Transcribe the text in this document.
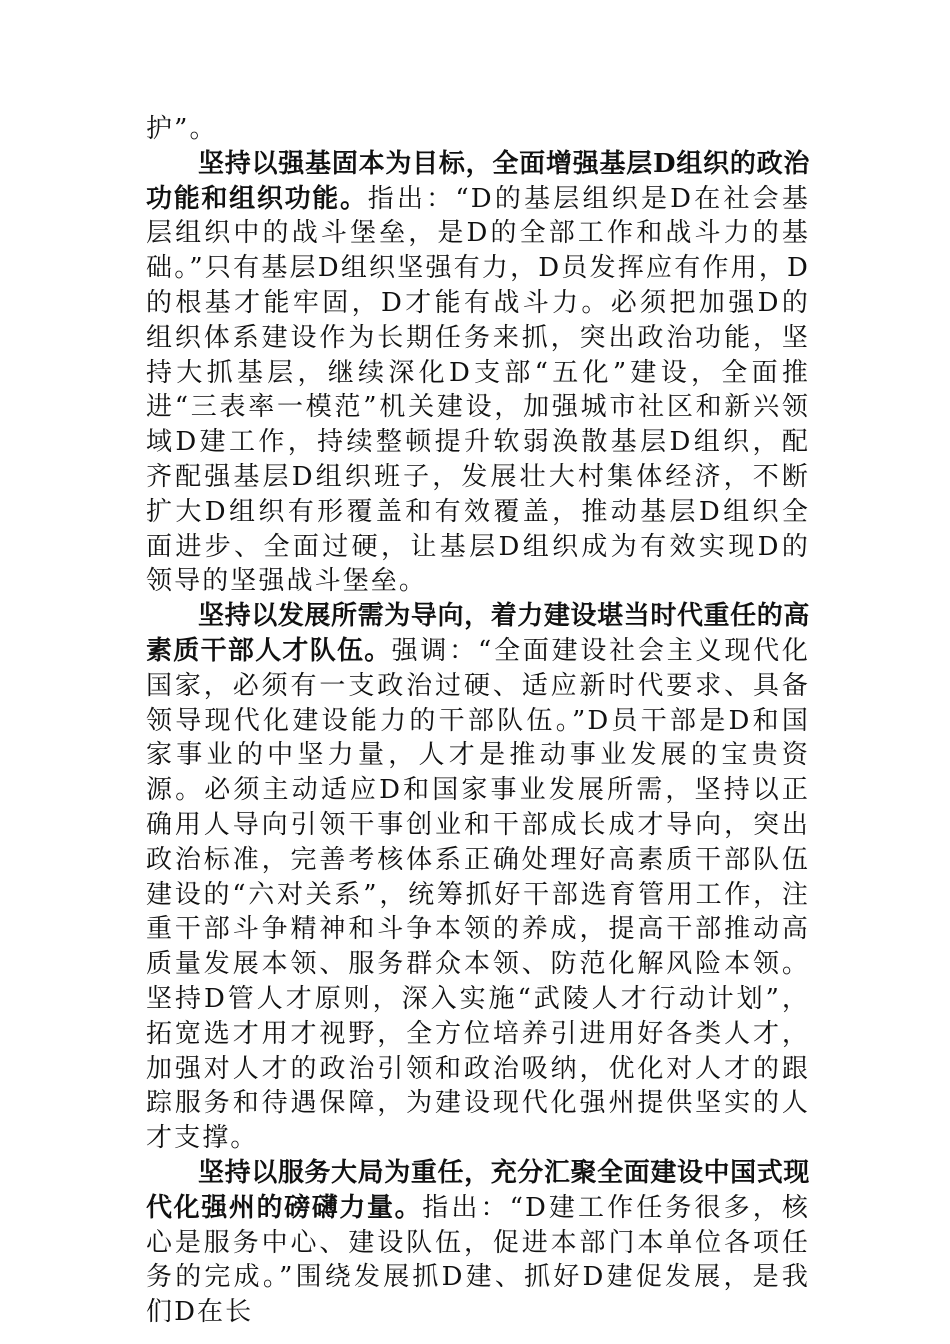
护”。

坚持以强基固本为目标，全面增强基层D组织的政治功能和组织功能。指出：“D的基层组织是D在社会基层组织中的战斗堡垒，是D的全部工作和战斗力的基础。”只有基层D组织坚强有力，D员发挥应有作用，D的根基才能牢固，D才能有战斗力。必须把加强D的组织体系建设作为长期任务来抓，突出政治功能，坚持大抓基层，继续深化D支部“五化”建设，全面推进“三表率一模范”机关建设，加强城市社区和新兴领域D建工作，持续整顿提升软弱涣散基层D组织，配齐配强基层D组织班子，发展壮大村集体经济，不断扩大D组织有形覆盖和有效覆盖，推动基层D组织全面进步、全面过硬，让基层D组织成为有效实现D的领导的坚强战斗堡垒。

坚持以发展所需为导向，着力建设堪当时代重任的高素质干部人才队伍。强调：“全面建设社会主义现代化国家，必须有一支政治过硬、适应新时代要求、具备领导现代化建设能力的干部队伍。”D员干部是D和国家事业的中坚力量，人才是推动事业发展的宝贵资源。必须主动适应D和国家事业发展所需，坚持以正确用人导向引领干事创业和干部成长成才导向，突出政治标准，完善考核体系正确处理好高素质干部队伍建设的“六对关系”，统筹抓好干部选育管用工作，注重干部斗争精神和斗争本领的养成，提高干部推动高质量发展本领、服务群众本领、防范化解风险本领。坚持D管人才原则，深入实施“武陵人才行动计划”，拓宽选才用才视野，全方位培养引进用好各类人才，加强对人才的政治引领和政治吸纳，优化对人才的跟踪服务和待遇保障，为建设现代化强州提供坚实的人才支撑。

坚持以服务大局为重任，充分汇聚全面建设中国式现代化强州的磅礴力量。指出：“D建工作任务很多，核心是服务中心、建设队伍，促进本部门本单位各项任务的完成。”围绕发展抓D建、抓好D建促发展，是我们D在长
